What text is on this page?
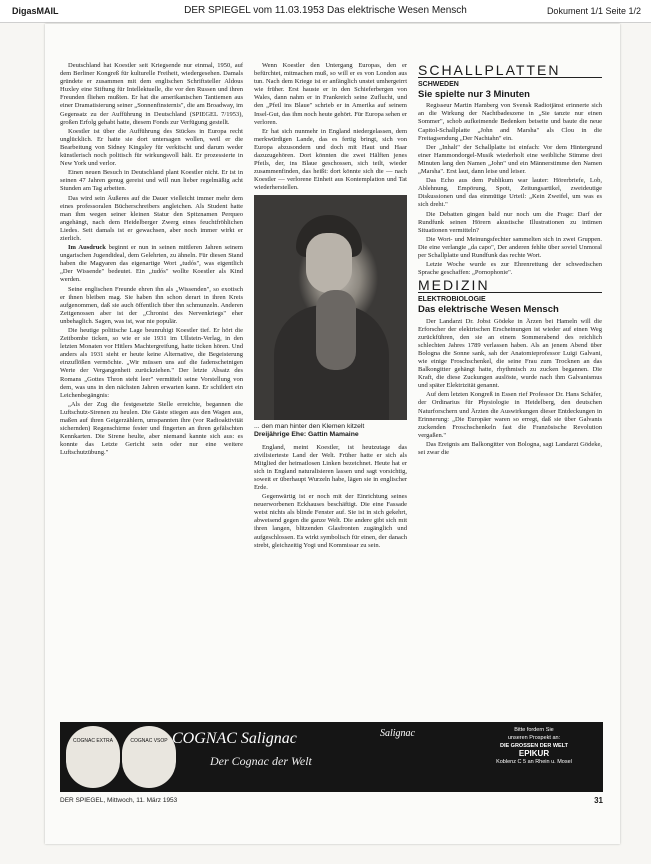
DigasMAIL	DER SPIEGEL vom 11.03.1953 Das elektrische Wesen Mensch	Dokument 1/1 Seite 1/2

Deutschland hat Koestler seit Kriegsende nur einmal, 1950, auf dem Berliner Kongreß für kulturelle Freiheit, wiedergesehen. Damals gründete er zusammen mit dem englischen Schriftsteller Aldous Huxley eine Stiftung für Intellektuelle, die vor den Russen und ihren Freunden fliehen mußten. Er hat die amerikanischen Tantiemen aus einer Dramatisierung seiner „Sonnenfinsternis", die am Broadway, im Gegensatz zu der Aufführung in Deutschland (SPIEGEL 7/1953), großen Erfolg gehabt hatte, diesem Fonds zur Verfügung gestellt.

Koestler ist über die Aufführung des Stückes in Europa recht unglücklich. Er hatte sie dort untersagen wollen, weil er die Bearbeitung von Sidney Kingsley für verkitscht und darum weder künstlerisch noch politisch für wirkungsvoll hält. Er prozessierte in New York und verlor.

Einen neuen Besuch in Deutschland plant Koestler nicht. Er ist in seinen 47 Jahren genug gereist und will nun lieber regelmäßig acht Stunden am Tag arbeiten.

Das wird sein Äußeres auf die Dauer vielleicht immer mehr dem eines professoralen Bücherschreibers angleichen. Als Student hatte man ihm wegen seiner kleinen Statur den Spitznamen Perqueo angehängt, nach dem Heidelberger Zwerg eines feuchtfröhlichen Liedes. Seit damals ist er gewachsen, aber noch immer wirkt er zierlich.

Im Ausdruck beginnt er nun in seinen mittleren Jahren seinem ungarischen Jugendideal, dem Gelehrten, zu ähneln. Für diesen Stand haben die Magyaren das eigenartige Wort „tudós", was eigentlich „Der Wissende" bedeutet. Ein „tudós" wollte Koestler als Kind werden.

Seine englischen Freunde ehren ihn als „Wissenden", so exotisch er ihnen bleiben mag. Sie haben ihn schon derart in ihren Kreis aufgenommen, daß sie auch öffentlich über ihn schmunzeln. Anderen Zeitgenossen aber ist der „Chronist des Nervenkriegs" eher unbehaglich. Sagen, was ist, war nie populär.

Die heutige politische Lage beunruhigt Koestler tief. Er hört die Zeitbombe ticken, so wie er sie 1931 im Ullstein-Verlag, in den letzten Monaten vor Hitlers Machtergreifung, hatte ticken hören. Und anders als 1931 sieht er heute keine Alternative, die Begeisterung einzuflößen vermöchte. „Wir müssen uns auf die fadenscheinigen Werte der Vergangenheit zurückziehen." Der letzte Absatz des Romans „Gottes Thron steht leer" vermittelt seine Vorstellung von dem, was uns in den nächsten Jahren erwarten kann. Er schildert ein Leichenbegängnis:

„Als der Zug die festgesetzte Stelle erreichte, begannen die Luftschutz-Sirenen zu heulen. Die Gäste stiegen aus den Wagen aus, maßen auf ihren Geigerzählern, umspannten ihre (vor Radioaktivität sichernden) Regenschirme fester und fingerten an ihren gefälschten Kennkarten. Die Sirene heulte, aber niemand kannte sich aus: es konnte das Letzte Gericht sein oder nur eine weitere Luftschutzübung."

Wenn Koestler den Untergang Europas, den er befürchtet, mitmachen muß, so will er es von London aus tun. Nach dem Kriege ist er anfänglich unstet umhergeirrt wie früher. Erst hauste er in den Schieferbergen von Wales, dann nahm er in Frankreich seine Zuflucht, und den „Pfeil ins Blaue" schrieb er in Amerika auf seinem Insel-Gut, das ihm noch heute gehört. Für Europa sehen er verloren.

Er hat sich nunmehr in England niedergelassen, dem merkwürdigen Lande, das es fertig bringt, sich von Europa abzusondern und doch mit Haut und Haar dazuzugehören. Dort könnten die zwei Hälften jenes Pfeils, der, ins Blaue geschossen, sich teilt, wieder zusammenfinden, das heißt: dort könnte sich die — nach Koestler — verlorene Einheit aus Kontemplation und Tat wiederherstellen.

... den man hinter den Klemen kitzelt
Dreijährige Ehe: Gattin Mamaine

England, meint Koestler, ist heutzutage das zivilisierteste Land der Welt. Früher hatte er sich als Mitglied der heimatlosen Linken bezeichnet. Heute hat er sich in England naturalisieren lassen und sagt vorsichtig, soweit er überhaupt Wurzeln habe, lägen sie in englischer Erde.

Gegenwärtig ist er noch mit der Einrichtung seines neuerworbenen Eckhauses beschäftigt. Die eine Fassade weist nichts als blinde Fenster auf. Sie ist in sich gekehrt, abweisend gegen die ganze Welt. Die andere gibt sich mit ihren langen, blitzenden Glasfronten zugänglich und aufgeschlossen. Es wirkt symbolisch für einen, der danach strebt, gleichzeitig Yogi und Kommissar zu sein.

SCHALLPLATTEN
SCHWEDEN
Sie spielte nur 3 Minuten

Regisseur Martin Hamberg von Svensk Radiotjänst erinnerte sich an die Wirkung der Nachtbadeszene in „Sie tanzte nur einen Sommer", schob aufkeimende Bedenken beiseite und baute die neue Capitol-Schallplatte „John and Marsha" als Clou in die Freitagsendung „Der Nachtahn" ein.

Der „Inhalt" der Schallplatte ist einfach: Vor dem Hintergrund einer Hammondorgel-Musik wiederholt eine weibliche Stimme drei Minuten lang den Namen „John" und ein Männerstimme den Namen „Marsha". Erst laut, dann leise und leiser.

Das Echo aus dem Publikum war lauter: Hörerbriefe, Lob, Ablehnung, Empörung, Spott, Zeitungsartikel, zweideutige Diskussionen und das einmütige Urteil: „Kein Zweifel, um was es sich dreht."

Die Debatten gingen bald nur noch um die Frage: Darf der Rundfunk seinen Hörern akustische Illustrationen zu intimen Situationen vermitteln?

Die Wort- und Meinungsfechter sammelten sich in zwei Gruppen. Die eine verlangte „da capo", Der anderen fehlte über soviel Unmoral per Schallplatte und Rundfunk das rechte Wort.

Letzte Woche wurde es zur Ehrenrettung der schwedischen Sprache geschaffen: „Pornophonie".

MEDIZIN
ELEKTROBIOLOGIE
Das elektrische Wesen Mensch

Der Landarzt Dr. Jobst Gödeke in Ärzen bei Hameln will die Erforscher der elektrischen Erscheinungen ist wieder auf einen Weg zurückführen, den sie an einem Sommerabend des reichlich schlechten Jahres 1789 verlassen haben. Als an jenem Abend über Bologna die Sonne sank, sah der Anatomieprofessor Luigi Galvani, wie einige Froschschenkel, die seine Frau zum Trocknen an das Balkongitter gehängt hatte, rhythmisch zu zucken begannen. Die Kraft, die diese Zuckungen auslöste, wurde nach ihm Galvanismus und später Elektrizität genannt.

Auf dem letzten Kongreß in Essen rief Professor Dr. Hans Schäfer, der Ordinarius für Physiologie in Heidelberg, den deutschen Naturforschern und Ärzten die Auswirkungen dieser Entdeckungen in Erinnerung: „Die Europäer waren so erregt, daß sie über Galvanis zuckenden Froschschenkeln fast die Französische Revolution vergaßen."

Das Ereignis am Balkongitter von Bologna, sagt Landarzt Gödeke, sei zwar die

COGNAC EXTRA	COGNAC VSOP COGNAC Salignac	Salignac
Der Cognac der Welt
Bitte fordern Sie
unseren Prospekt an:
DIE GROSSEN DER WELT
EPIKUR
Koblenz C 5 an Rhein u. Mosel
DER SPIEGEL, Mittwoch, 11. März 1953	31
